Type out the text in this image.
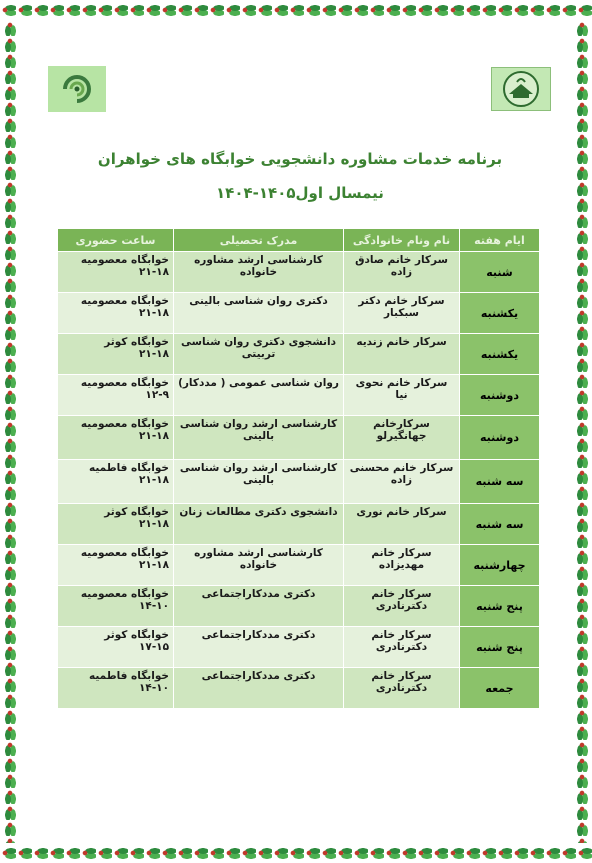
برنامه خدمات مشاوره دانشجویی خوابگاه های خواهران
نیمسال اول۱۴۰۵-۱۴۰۴
ایام هفته	نام ونام خانوادگی	مدرک تحصیلی	ساعت حضوری
شنبه	سرکار خانم صادق زاده	کارشناسی ارشد مشاوره خانواده	خوابگاه معصومیه
۲۱-۱۸

یکشنبه	سرکار خانم دکتر سبکبار	دکتری روان شناسی بالینی	خوابگاه معصومیه
۲۱-۱۸

یکشنبه	سرکار خانم زندیه	دانشجوی دکتری روان شناسی تربیتی	خوابگاه کوثر
۲۱-۱۸

دوشنبه	سرکار خانم نحوی نیا	روان شناسی عمومی ( مددکار)	خوابگاه معصومیه
۱۲-۹

دوشنبه	سرکارخانم جهانگیرلو	کارشناسی ارشد روان شناسی بالینی	خوابگاه معصومیه
۲۱-۱۸

سه شنبه	سرکار خانم محسنی زاده	کارشناسی ارشد روان شناسی بالینی	خوابگاه فاطمیه
۲۱-۱۸

سه شنبه	سرکار خانم نوری	دانشجوی دکتری مطالعات زنان	خوابگاه کوثر
۲۱-۱۸

چهارشنبه	سرکار خانم مهدیزاده	کارشناسی ارشد مشاوره خانواده	خوابگاه معصومیه
۲۱-۱۸

پنج شنبه	سرکار خانم دکترنادری	دکتری مددکاراجتماعی	خوابگاه معصومیه
۱۴-۱۰

پنج شنبه	سرکار خانم دکترنادری	دکتری مددکاراجتماعی	خوابگاه کوثر
۱۷-۱۵

جمعه	سرکار خانم دکترنادری	دکتری مددکاراجتماعی	خوابگاه فاطمیه
۱۴-۱۰
